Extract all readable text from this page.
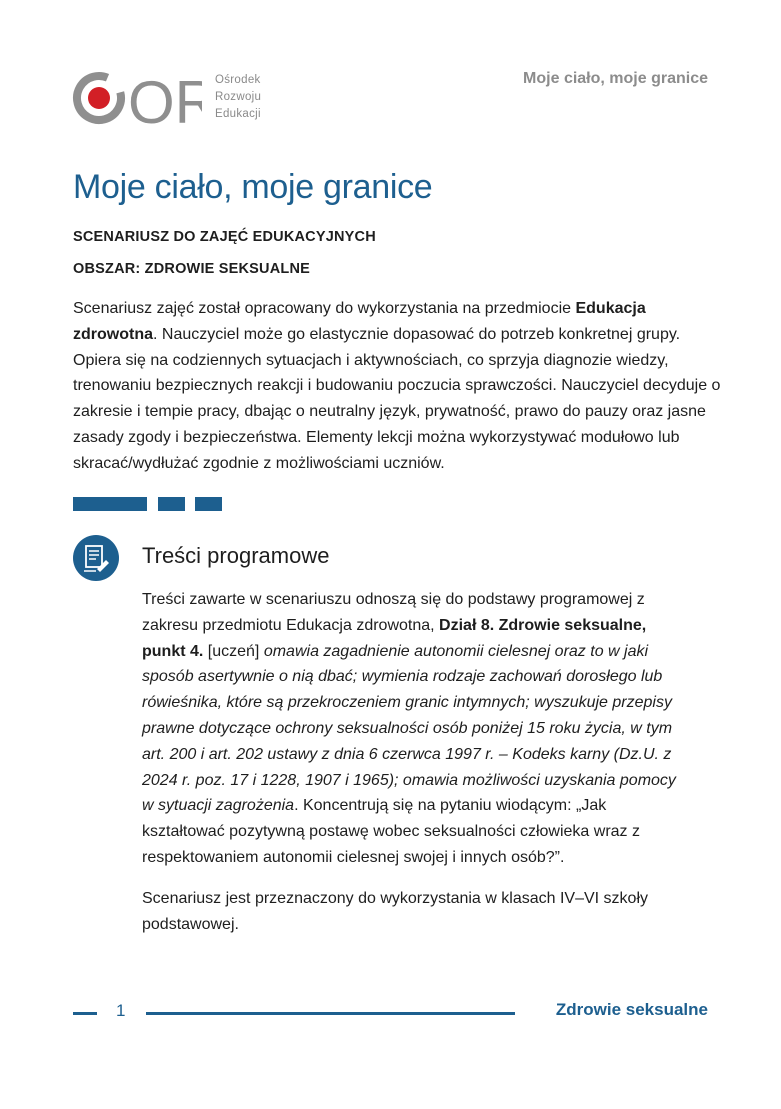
OR
Ośrodek
Rozwoju
Edukacji
Moje ciało, moje granice
Moje ciało, moje granice
SCENARIUSZ DO ZAJĘĆ EDUKACYJNYCH
OBSZAR: ZDROWIE SEKSUALNE

Scenariusz zajęć został opracowany do wykorzystania na przedmiocie Edukacja zdrowotna. Nauczyciel może go elastycznie dopasować do potrzeb konkretnej grupy. Opiera się na codziennych sytuacjach i aktywnościach, co sprzyja diagnozie wiedzy, trenowaniu bezpiecznych reakcji i budowaniu poczucia sprawczości. Nauczyciel decyduje o zakresie i tempie pracy, dbając o neutralny język, prywatność, prawo do pauzy oraz jasne zasady zgody i bezpieczeństwa. Elementy lekcji można wykorzystywać modułowo lub skracać/wydłużać zgodnie z możliwościami uczniów.

Treści programowe

Treści zawarte w scenariuszu odnoszą się do podstawy programowej z zakresu przedmiotu Edukacja zdrowotna, Dział 8. Zdrowie seksualne, punkt 4. [uczeń] omawia zagadnienie autonomii cielesnej oraz to w jaki sposób asertywnie o nią dbać; wymienia rodzaje zachowań dorosłego lub rówieśnika, które są przekroczeniem granic intymnych; wyszukuje przepisy prawne dotyczące ochrony seksualności osób poniżej 15 roku życia, w tym art. 200 i art. 202 ustawy z dnia 6 czerwca 1997 r. – Kodeks karny (Dz.U. z 2024 r. poz. 17 i 1228, 1907 i 1965); omawia możliwości uzyskania pomocy w sytuacji zagrożenia. Koncentrują się na pytaniu wiodącym: „Jak kształtować pozytywną postawę wobec seksualności człowieka wraz z respektowaniem autonomii cielesnej swojej i innych osób?”.

Scenariusz jest przeznaczony do wykorzystania w klasach IV–VI szkoły podstawowej.

1	Zdrowie seksualne
